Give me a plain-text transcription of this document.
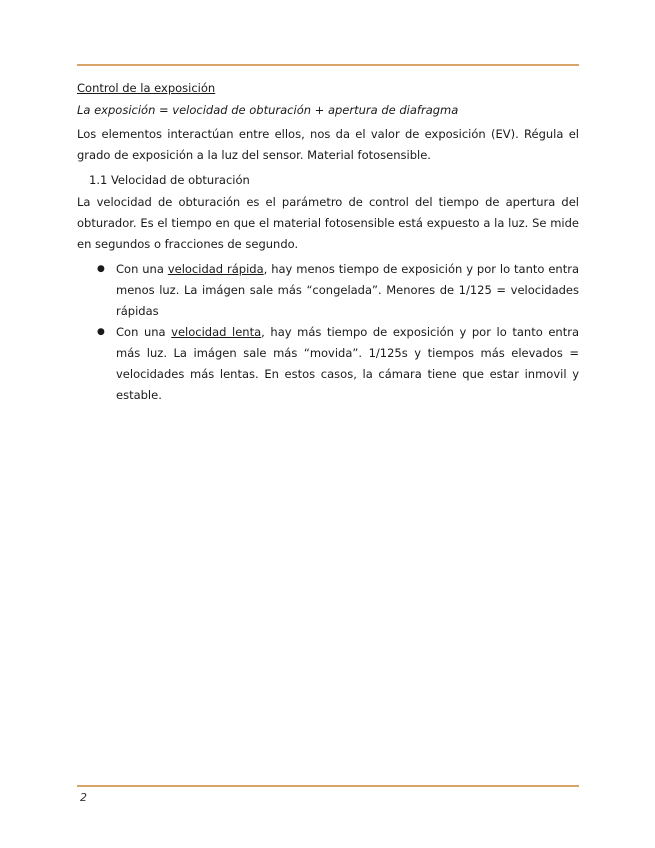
Control de la exposición

La exposición = velocidad de obturación + apertura de diafragma

Los elementos interactúan entre ellos, nos da el valor de exposición (EV). Régula el grado de exposición a la luz del sensor. Material fotosensible.

1.1 Velocidad de obturación

La velocidad de obturación es el parámetro de control del tiempo de apertura del obturador. Es el tiempo en que el material fotosensible está expuesto a la luz. Se mide en segundos o fracciones de segundo.

● Con una velocidad rápida, hay menos tiempo de exposición y por lo tanto entra menos luz. La imágen sale más “congelada”. Menores de 1/125 = velocidades rápidas
● Con una velocidad lenta, hay más tiempo de exposición y por lo tanto entra más luz. La imágen sale más “movida”. 1/125s y tiempos más elevados = velocidades más lentas. En estos casos, la cámara tiene que estar inmovil y estable.
2
